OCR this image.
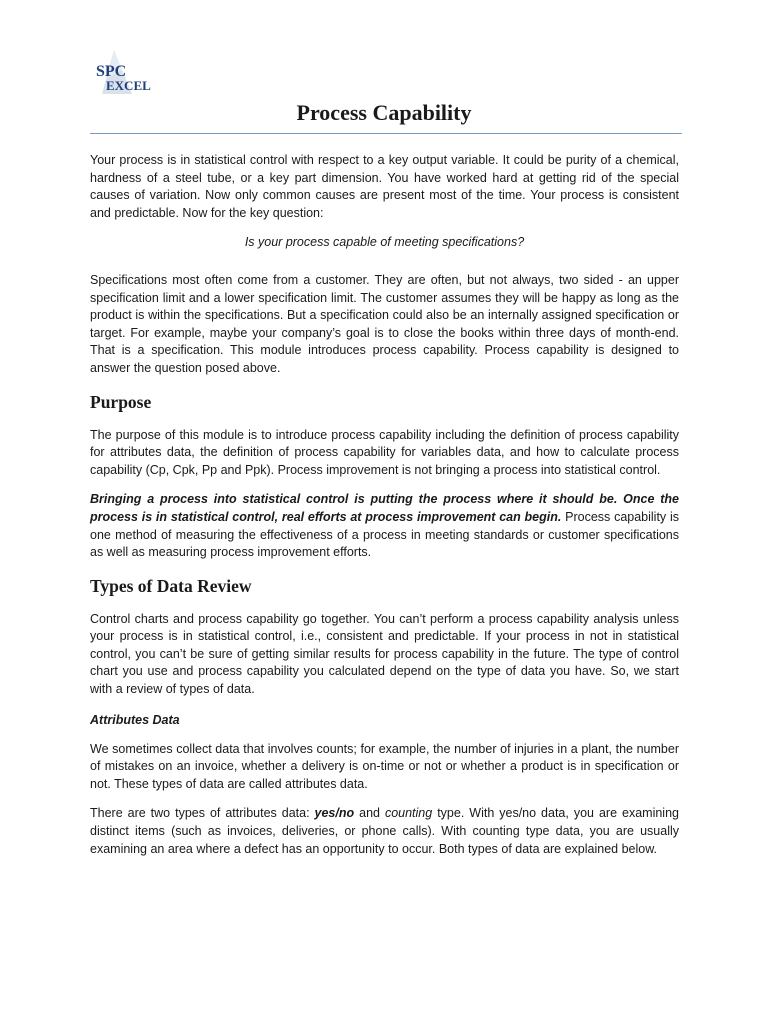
SPC
EXCEL
Process Capability

Your process is in statistical control with respect to a key output variable. It could be purity of a chemical, hardness of a steel tube, or a key part dimension. You have worked hard at getting rid of the special causes of variation. Now only common causes are present most of the time. Your process is consistent and predictable. Now for the key question:

Is your process capable of meeting specifications?

Specifications most often come from a customer. They are often, but not always, two sided - an upper specification limit and a lower specification limit. The customer assumes they will be happy as long as the product is within the specifications. But a specification could also be an internally assigned specification or target. For example, maybe your company’s goal is to close the books within three days of month-end. That is a specification. This module introduces process capability. Process capability is designed to answer the question posed above.

Purpose

The purpose of this module is to introduce process capability including the definition of process capability for attributes data, the definition of process capability for variables data, and how to calculate process capability (Cp, Cpk, Pp and Ppk). Process improvement is not bringing a process into statistical control.

Bringing a process into statistical control is putting the process where it should be. Once the process is in statistical control, real efforts at process improvement can begin. Process capability is one method of measuring the effectiveness of a process in meeting standards or customer specifications as well as measuring process improvement efforts.

Types of Data Review

Control charts and process capability go together. You can’t perform a process capability analysis unless your process is in statistical control, i.e., consistent and predictable. If your process in not in statistical control, you can’t be sure of getting similar results for process capability in the future. The type of control chart you use and process capability you calculated depend on the type of data you have. So, we start with a review of types of data.

Attributes Data

We sometimes collect data that involves counts; for example, the number of injuries in a plant, the number of mistakes on an invoice, whether a delivery is on-time or not or whether a product is in specification or not. These types of data are called attributes data.

There are two types of attributes data: yes/no and counting type. With yes/no data, you are examining distinct items (such as invoices, deliveries, or phone calls). With counting type data, you are usually examining an area where a defect has an opportunity to occur. Both types of data are explained below.
